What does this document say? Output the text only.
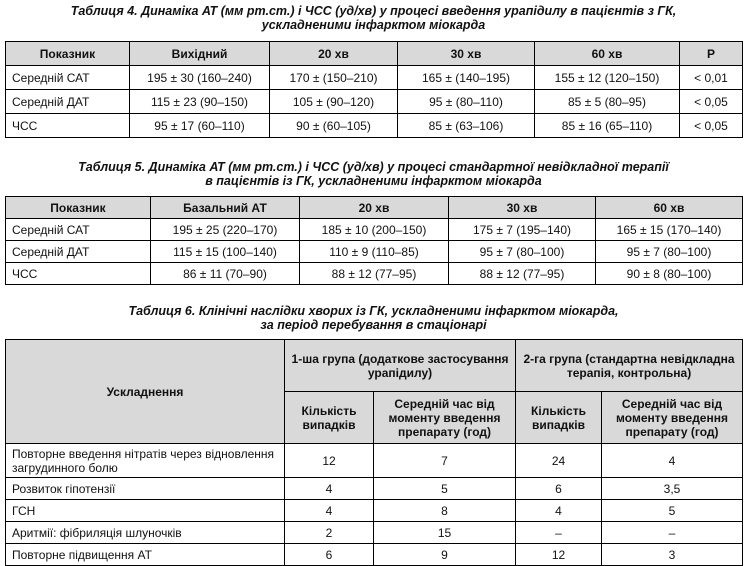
Таблиця 4. Динаміка АТ (мм рт.ст.) і ЧСС (уд/хв) у процесі введення урапідилу в пацієнтів з ГК,
ускладненими інфарктом міокарда
Показник	Вихідний	20 хв	30 хв	60 хв	P
Середній САТ	195 ± 30 (160–240)	170 ± (150–210)	165 ± (140–195)	155 ± 12 (120–150)	< 0,01
Середній ДАТ	115 ± 23 (90–150)	105 ± (90–120)	95 ± (80–110)	85 ± 5 (80–95)	< 0,05
ЧСС	95 ± 17 (60–110)	90 ± (60–105)	85 ± (63–106)	85 ± 16 (65–110)	< 0,05
Таблиця 5. Динаміка АТ (мм рт.ст.) і ЧСС (уд/хв) у процесі стандартної невідкладної терапії
в пацієнтів із ГК, ускладненими інфарктом міокарда
Показник	Базальний АТ	20 хв	30 хв	60 хв
Середній САТ	195 ± 25 (220–170)	185 ± 10 (200–150)	175 ± 7 (195–140)	165 ± 15 (170–140)
Середній ДАТ	115 ± 15 (100–140)	110 ± 9 (110–85)	95 ± 7 (80–100)	95 ± 7 (80–100)
ЧСС	86 ± 11 (70–90)	88 ± 12 (77–95)	88 ± 12 (77–95)	90 ± 8 (80–100)
Таблиця 6. Клінічні наслідки хворих із ГК, ускладненими інфарктом міокарда,
за період перебування в стаціонарі
Ускладнення	1-ша група (додаткове застосування урапідилу)		2-га група (стандартна невідкладна терапія, контрольна)	
	Кількість випадків	Середній час від моменту введення препарату (год)	Кількість випадків	Середній час від моменту введення препарату (год)
Повторне введення нітратів через відновлення загрудинного болю	12	7	24	4
Розвиток гіпотензії	4	5	6	3,5
ГСН	4	8	4	5
Аритмії: фібриляція шлуночків	2	15	–	–
Повторне підвищення АТ	6	9	12	3
